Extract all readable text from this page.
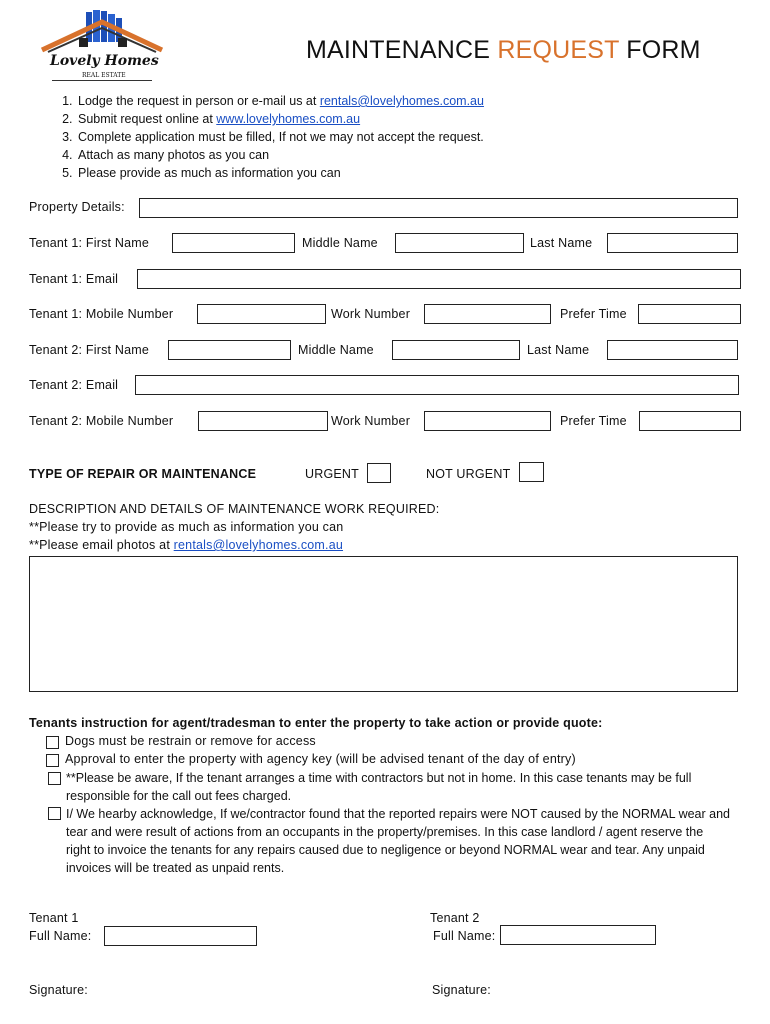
Lovely Homes
REAL ESTATE
MAINTENANCE REQUEST FORM
1. Lodge the request in person or e-mail us at rentals@lovelyhomes.com.au
2. Submit request online at www.lovelyhomes.com.au
3. Complete application must be filled, If not we may not accept the request.
4. Attach as many photos as you can
5. Please provide as much as information you can
Property Details:
Tenant 1: First Name	Middle Name	Last Name
Tenant 1: Email
Tenant 1: Mobile Number	Work Number	Prefer Time
Tenant 2: First Name	Middle Name	Last Name
Tenant 2: Email
Tenant 2: Mobile Number	Work Number	Prefer Time
TYPE OF REPAIR OR MAINTENANCE	URGENT	NOT URGENT
DESCRIPTION AND DETAILS OF MAINTENANCE WORK REQUIRED:
**Please try to provide as much as information you can
**Please email photos at rentals@lovelyhomes.com.au
Tenants instruction for agent/tradesman to enter the property to take action or provide quote:
Dogs must be restrain or remove for access
Approval to enter the property with agency key (will be advised tenant of the day of entry)
**Please be aware, If the tenant arranges a time with contractors but not in home. In this case tenants may be full responsible for the call out fees charged.
I/ We hearby acknowledge, If we/contractor found that the reported repairs were NOT caused by the NORMAL wear and tear and were result of actions from an occupants in the property/premises. In this case landlord / agent reserve the right to invoice the tenants for any repairs caused due to negligence or beyond NORMAL wear and tear. Any unpaid invoices will be treated as unpaid rents.
Tenant 1
Full Name:
Tenant 2
Full Name:
Signature:	Signature:
